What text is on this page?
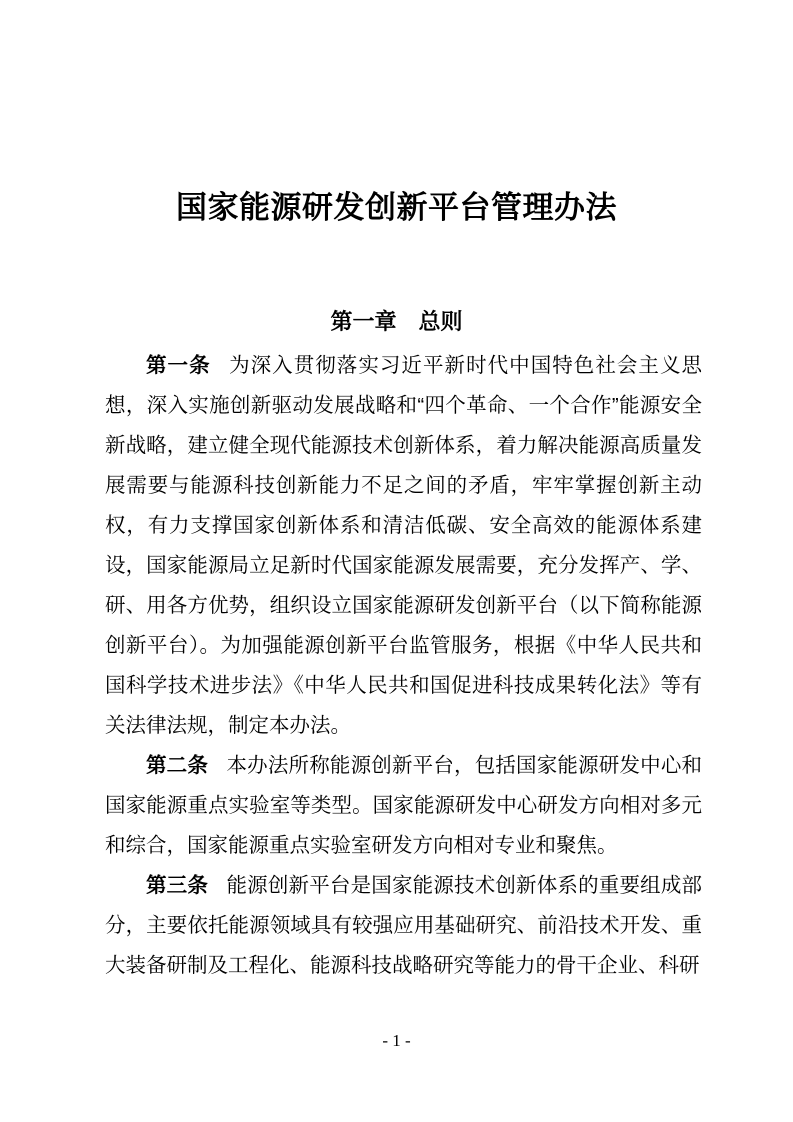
国家能源研发创新平台管理办法
第一章 总则

第一条 为深入贯彻落实习近平新时代中国特色社会主义思想，深入实施创新驱动发展战略和“四个革命、一个合作”能源安全新战略，建立健全现代能源技术创新体系，着力解决能源高质量发展需要与能源科技创新能力不足之间的矛盾，牢牢掌握创新主动权，有力支撑国家创新体系和清洁低碳、安全高效的能源体系建设，国家能源局立足新时代国家能源发展需要，充分发挥产、学、研、用各方优势，组织设立国家能源研发创新平台（以下简称能源创新平台）。为加强能源创新平台监管服务，根据《中华人民共和国科学技术进步法》《中华人民共和国促进科技成果转化法》等有关法律法规，制定本办法。

第二条 本办法所称能源创新平台，包括国家能源研发中心和国家能源重点实验室等类型。国家能源研发中心研发方向相对多元和综合，国家能源重点实验室研发方向相对专业和聚焦。

第三条 能源创新平台是国家能源技术创新体系的重要组成部分，主要依托能源领域具有较强应用基础研究、前沿技术开发、重大装备研制及工程化、能源科技战略研究等能力的骨干企业、科研

- 1 -
